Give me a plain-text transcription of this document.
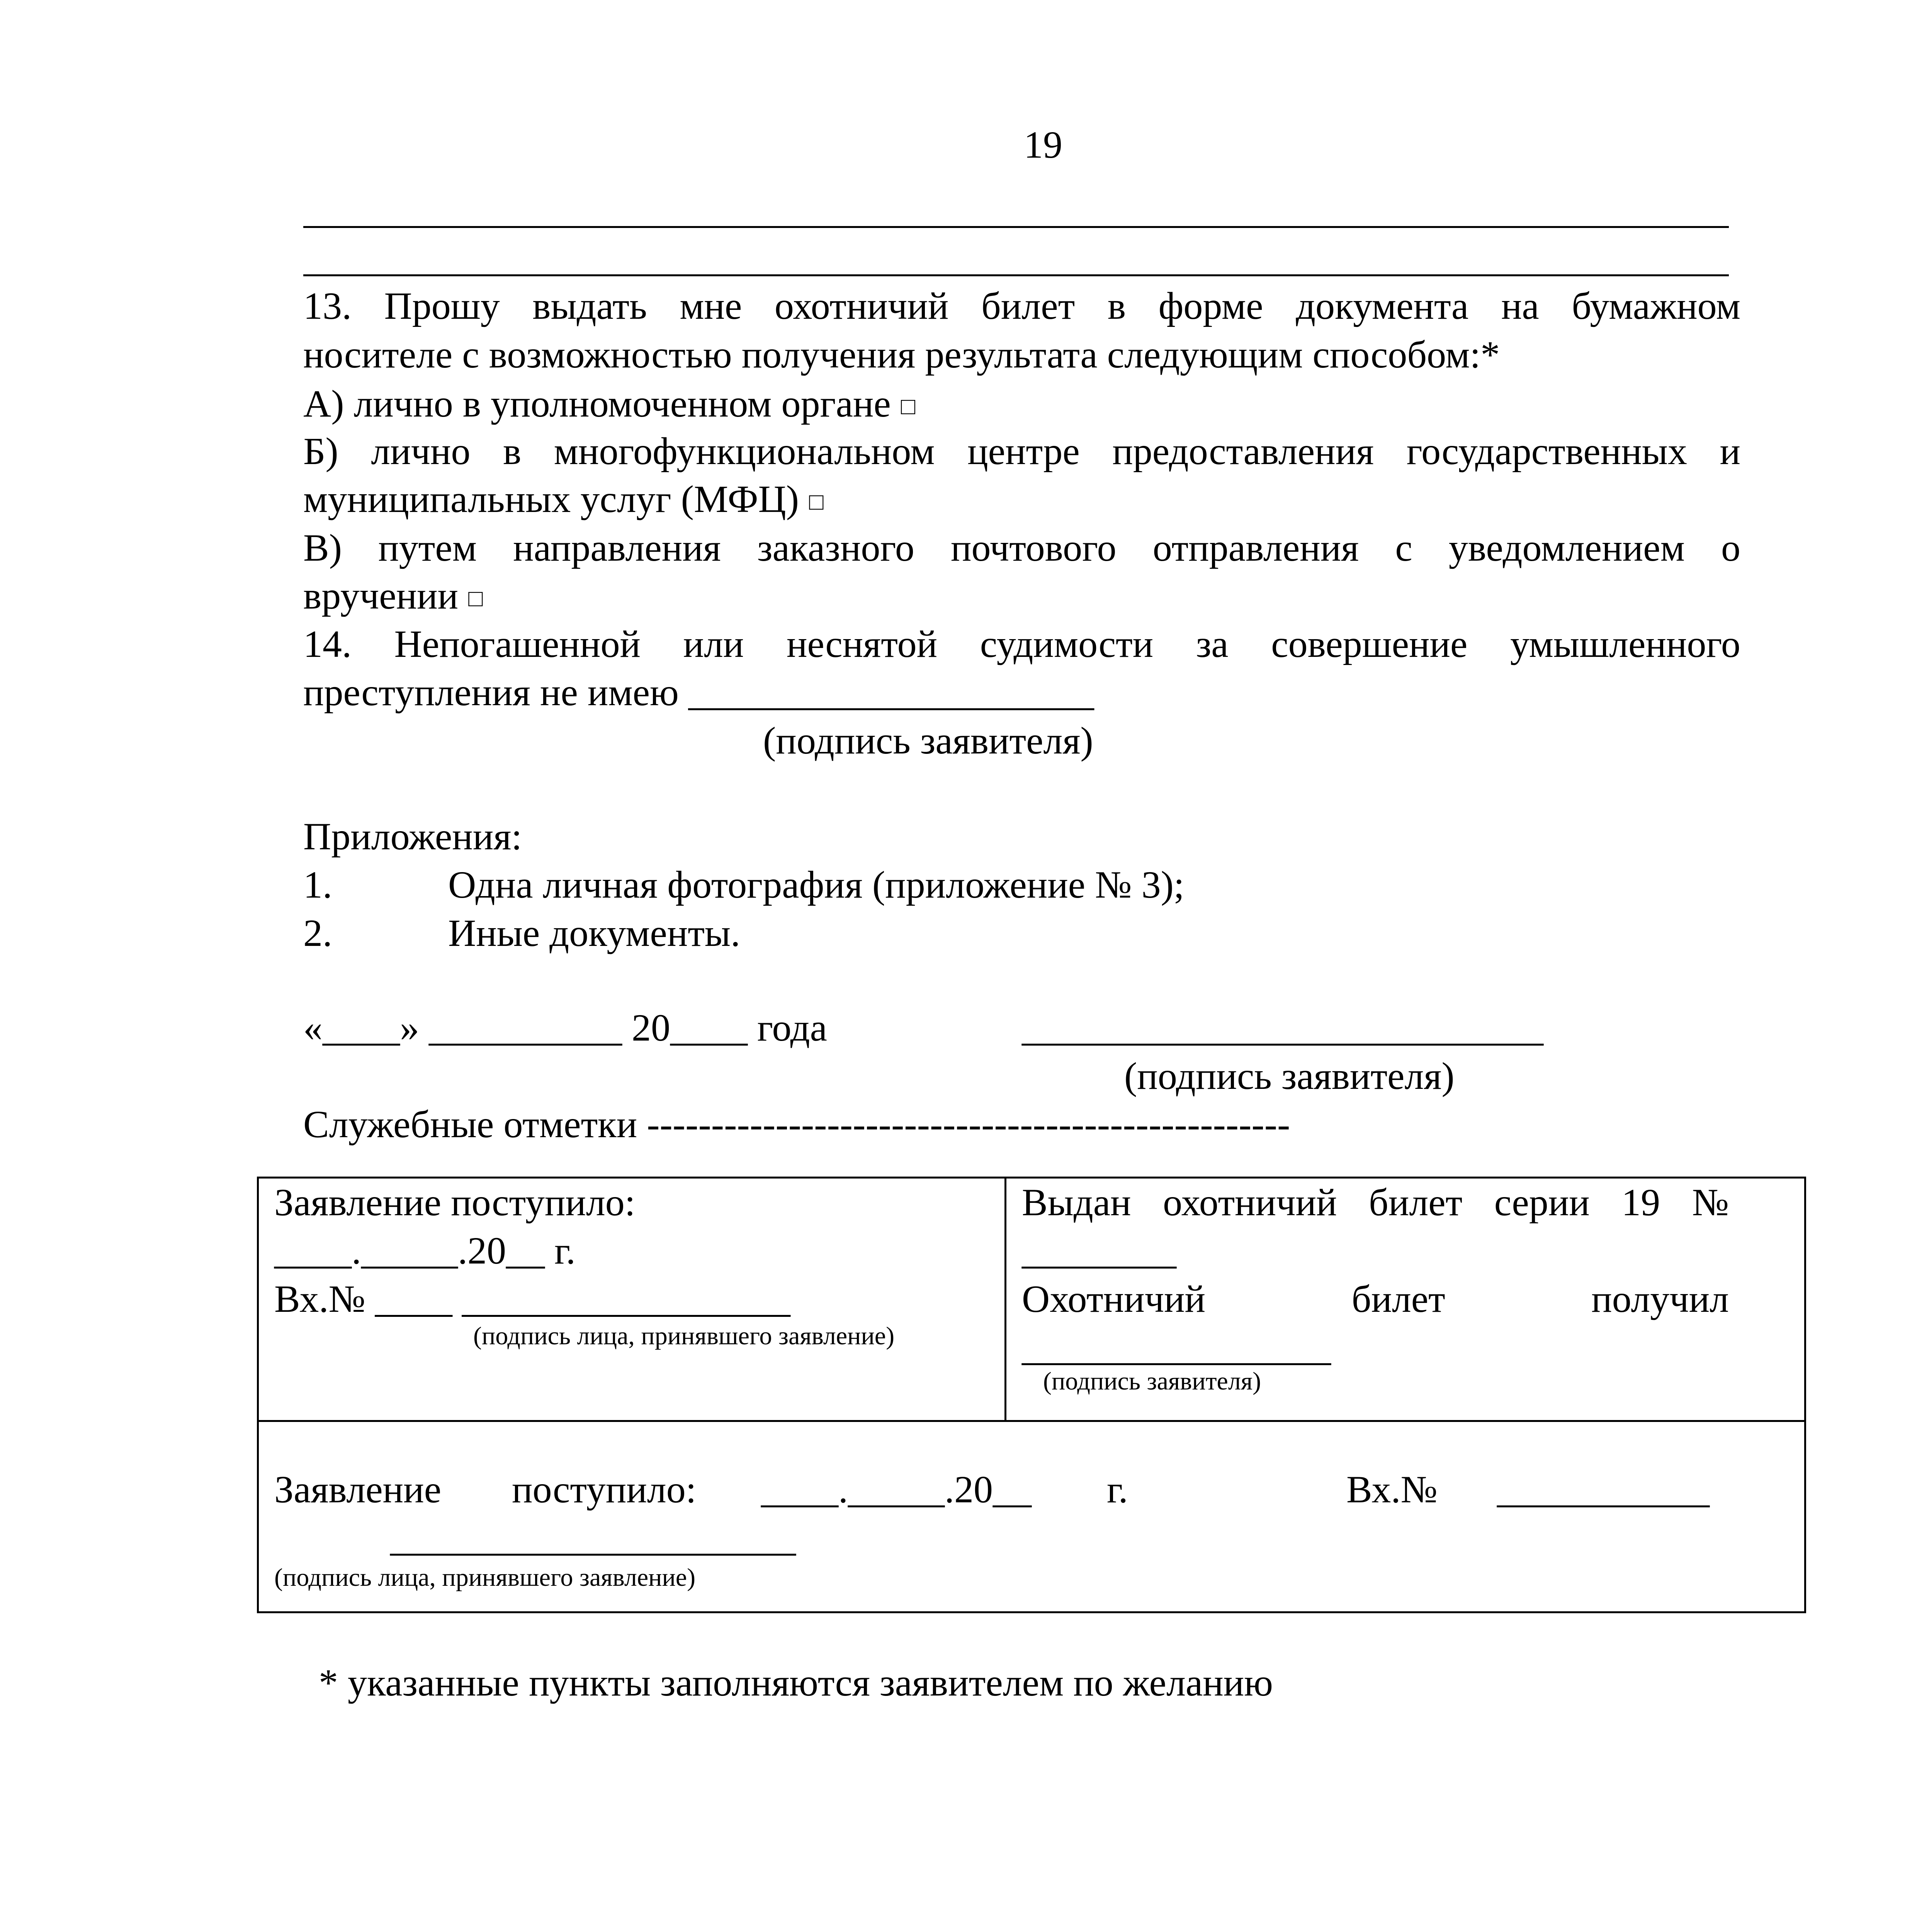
19
13. Прошу выдать мне охотничий билет в форме документа на бумажном
носителе с возможностью получения результата следующим способом:*
А) лично в уполномоченном органе □
Б) лично в многофункциональном центре предоставления государственных и
муниципальных услуг (МФЦ) □
В) путем направления заказного почтового отправления с уведомлением о
вручении □
14. Непогашенной или неснятой судимости за совершение умышленного
преступления не имею _____________________
(подпись заявителя)
Приложения:
1.	Одна личная фотография (приложение № 3);
2.	Иные документы.
«____» __________ 20____ года	___________________________
(подпись заявителя)
Служебные отметки --------------------------------------------------
Заявление поступило:
____._____.20__ г.
Вх.№ ____ _________________
(подпись лица, принявшего заявление)
Выдан охотничий билет серии 19 №
________
Охотничий	билет	получил
________________
(подпись заявителя)
Заявление поступило: ____._____.20__ г.	Вх.№ ___________
_____________________
(подпись лица, принявшего заявление)
* указанные пункты заполняются заявителем по желанию
